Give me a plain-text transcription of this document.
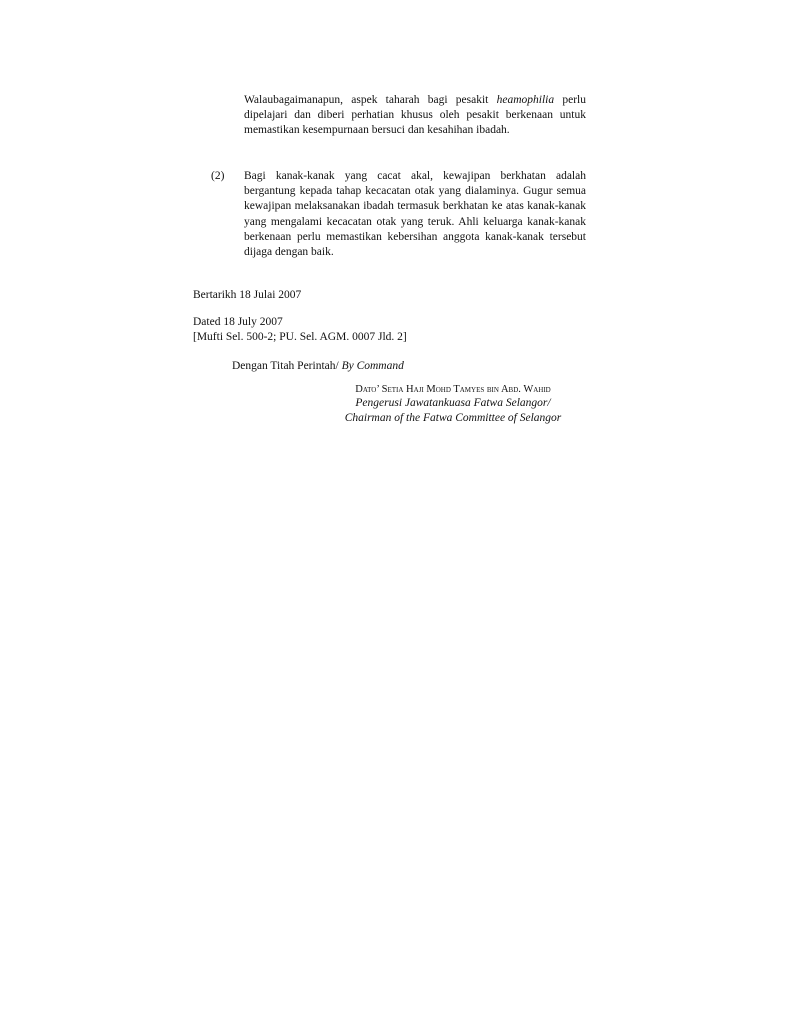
Walaubagaimanapun, aspek taharah bagi pesakit heamophilia perlu dipelajari dan diberi perhatian khusus oleh pesakit berkenaan untuk memastikan kesempurnaan bersuci dan kesahihan ibadah.
(2)	Bagi kanak-kanak yang cacat akal, kewajipan berkhatan adalah bergantung kepada tahap kecacatan otak yang dialaminya. Gugur semua kewajipan melaksanakan ibadah termasuk berkhatan ke atas kanak-kanak yang mengalami kecacatan otak yang teruk. Ahli keluarga kanak-kanak berkenaan perlu memastikan kebersihan anggota kanak-kanak tersebut dijaga dengan baik.
Bertarikh 18 Julai 2007
Dated 18 July 2007
[Mufti Sel. 500-2; PU. Sel. AGM. 0007 Jld. 2]
Dengan Titah Perintah/ By Command
Dato’ Setia Haji Mohd Tamyes bin Abd. Wahid
Pengerusi Jawatankuasa Fatwa Selangor/
Chairman of the Fatwa Committee of Selangor
